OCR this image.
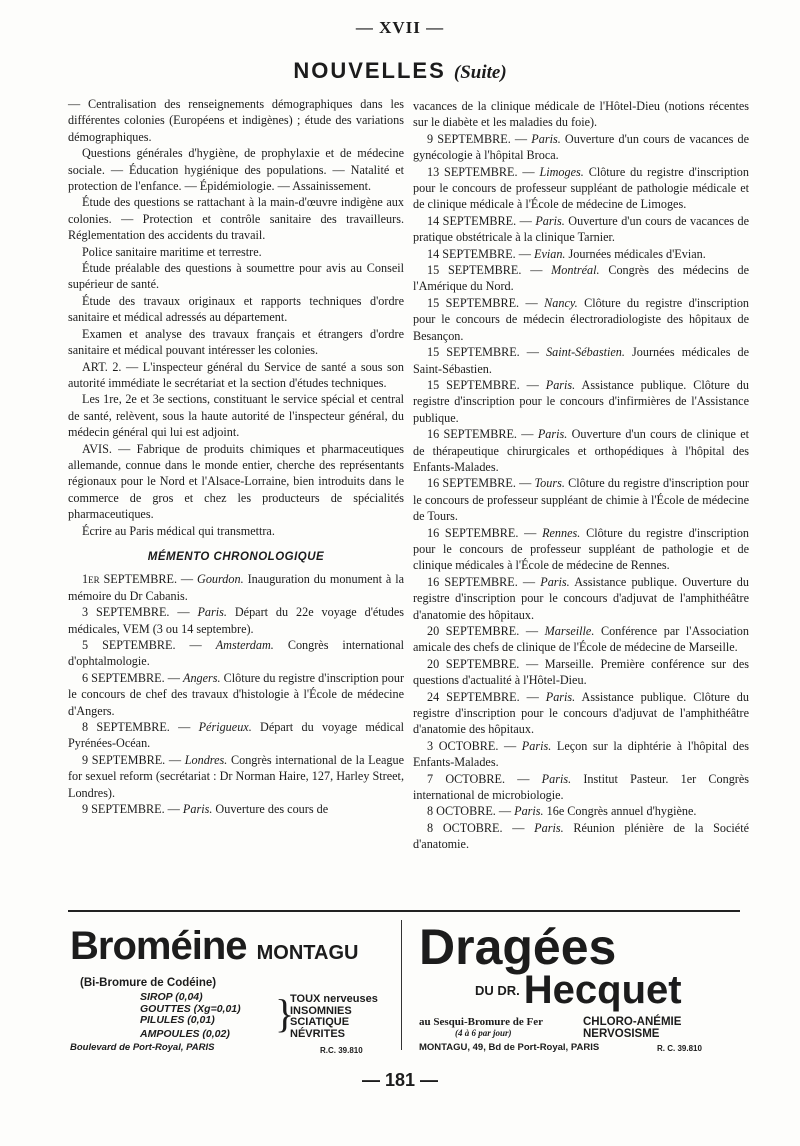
— XVII —
NOUVELLES (Suite)

— Centralisation des renseignements démographiques dans les différentes colonies (Européens et indigènes) ; étude des variations démographiques.

Questions générales d'hygiène, de prophylaxie et de médecine sociale. — Éducation hygiénique des populations. — Natalité et protection de l'enfance. — Épidémiologie. — Assainissement.

Étude des questions se rattachant à la main-d'œuvre indigène aux colonies. — Protection et contrôle sanitaire des travailleurs. Réglementation des accidents du travail.

Police sanitaire maritime et terrestre.

Étude préalable des questions à soumettre pour avis au Conseil supérieur de santé.

Étude des travaux originaux et rapports techniques d'ordre sanitaire et médical adressés au département.

Examen et analyse des travaux français et étrangers d'ordre sanitaire et médical pouvant intéresser les colonies.

ART. 2. — L'inspecteur général du Service de santé a sous son autorité immédiate le secrétariat et la section d'études techniques.

Les 1re, 2e et 3e sections, constituant le service spécial et central de santé, relèvent, sous la haute autorité de l'inspecteur général, du médecin général qui lui est adjoint.

AVIS. — Fabrique de produits chimiques et pharmaceutiques allemande, connue dans le monde entier, cherche des représentants régionaux pour le Nord et l'Alsace-Lorraine, bien introduits dans le commerce de gros et chez les producteurs de spécialités pharmaceutiques.

Écrire au Paris médical qui transmettra.

MÉMENTO CHRONOLOGIQUE

1er SEPTEMBRE. — Gourdon. Inauguration du monument à la mémoire du Dr Cabanis.

3 SEPTEMBRE. — Paris. Départ du 22e voyage d'études médicales, VEM (3 ou 14 septembre).

5 SEPTEMBRE. — Amsterdam. Congrès international d'ophtalmologie.

6 SEPTEMBRE. — Angers. Clôture du registre d'inscription pour le concours de chef des travaux d'histologie à l'École de médecine d'Angers.

8 SEPTEMBRE. — Périgueux. Départ du voyage médical Pyrénées-Océan.

9 SEPTEMBRE. — Londres. Congrès international de la League for sexuel reform (secrétariat : Dr Norman Haire, 127, Harley Street, Londres).

9 SEPTEMBRE. — Paris. Ouverture des cours de

vacances de la clinique médicale de l'Hôtel-Dieu (notions récentes sur le diabète et les maladies du foie).

9 SEPTEMBRE. — Paris. Ouverture d'un cours de vacances de gynécologie à l'hôpital Broca.

13 SEPTEMBRE. — Limoges. Clôture du registre d'inscription pour le concours de professeur suppléant de pathologie médicale et de clinique médicale à l'École de médecine de Limoges.

14 SEPTEMBRE. — Paris. Ouverture d'un cours de vacances de pratique obstétricale à la clinique Tarnier.

14 SEPTEMBRE. — Evian. Journées médicales d'Evian.

15 SEPTEMBRE. — Montréal. Congrès des médecins de l'Amérique du Nord.

15 SEPTEMBRE. — Nancy. Clôture du registre d'inscription pour le concours de médecin électroradiologiste des hôpitaux de Besançon.

15 SEPTEMBRE. — Saint-Sébastien. Journées médicales de Saint-Sébastien.

15 SEPTEMBRE. — Paris. Assistance publique. Clôture du registre d'inscription pour le concours d'infirmières de l'Assistance publique.

16 SEPTEMBRE. — Paris. Ouverture d'un cours de clinique et de thérapeutique chirurgicales et orthopédiques à l'hôpital des Enfants-Malades.

16 SEPTEMBRE. — Tours. Clôture du registre d'inscription pour le concours de professeur suppléant de chimie à l'École de médecine de Tours.

16 SEPTEMBRE. — Rennes. Clôture du registre d'inscription pour le concours de professeur suppléant de pathologie et de clinique médicales à l'École de médecine de Rennes.

16 SEPTEMBRE. — Paris. Assistance publique. Ouverture du registre d'inscription pour le concours d'adjuvat de l'amphithéâtre d'anatomie des hôpitaux.

20 SEPTEMBRE. — Marseille. Conférence par l'Association amicale des chefs de clinique de l'École de médecine de Marseille.

20 SEPTEMBRE. — Marseille. Première conférence sur des questions d'actualité à l'Hôtel-Dieu.

24 SEPTEMBRE. — Paris. Assistance publique. Clôture du registre d'inscription pour le concours d'adjuvat de l'amphithéâtre d'anatomie des hôpitaux.

3 OCTOBRE. — Paris. Leçon sur la diphtérie à l'hôpital des Enfants-Malades.

7 OCTOBRE. — Paris. Institut Pasteur. 1er Congrès international de microbiologie.

8 OCTOBRE. — Paris. 16e Congrès annuel d'hygiène.

8 OCTOBRE. — Paris. Réunion plénière de la Société d'anatomie.

Broméine MONTAGU
(Bi-Bromure de Codéine)
SIROP (0,04)
GOUTTES (Xg=0,01)
PILULES (0,01)	}
TOUX nerveuses
INSOMNIES
SCIATIQUE
NÉVRITES
AMPOULES (0,02)
Boulevard de Port-Royal, PARIS	R.C. 39.810
Dragées
DU DR. Hecquet
au Sesqui-Bromure de Fer
(4 à 6 par jour)
CHLORO-ANÉMIE
NERVOSISME
MONTAGU, 49, Bd de Port-Royal, PARIS	R. C. 39.810
— 181 —
